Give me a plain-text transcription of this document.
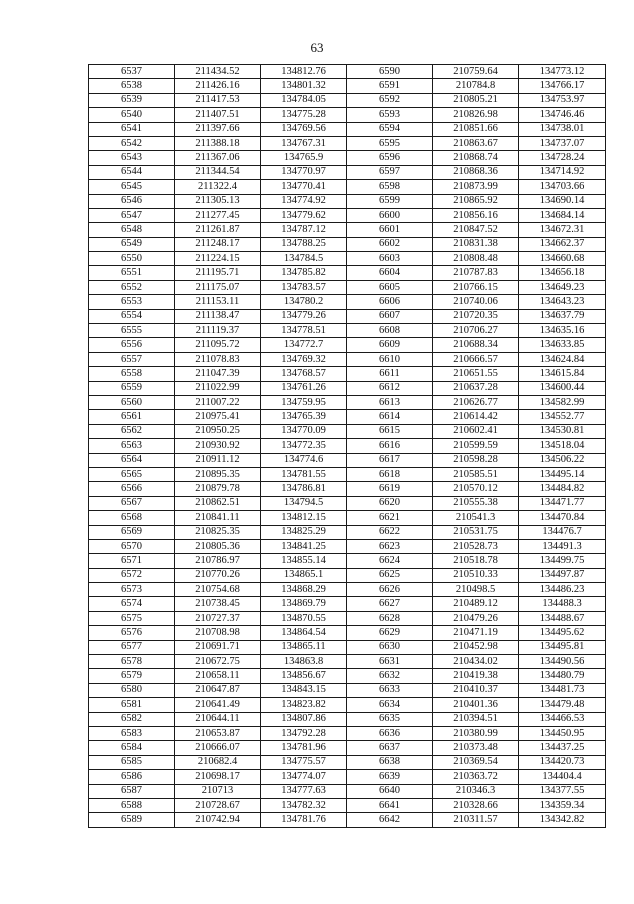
63
6537	211434.52	134812.76	6590	210759.64	134773.12
6538	211426.16	134801.32	6591	210784.8	134766.17
6539	211417.53	134784.05	6592	210805.21	134753.97
6540	211407.51	134775.28	6593	210826.98	134746.46
6541	211397.66	134769.56	6594	210851.66	134738.01
6542	211388.18	134767.31	6595	210863.67	134737.07
6543	211367.06	134765.9	6596	210868.74	134728.24
6544	211344.54	134770.97	6597	210868.36	134714.92
6545	211322.4	134770.41	6598	210873.99	134703.66
6546	211305.13	134774.92	6599	210865.92	134690.14
6547	211277.45	134779.62	6600	210856.16	134684.14
6548	211261.87	134787.12	6601	210847.52	134672.31
6549	211248.17	134788.25	6602	210831.38	134662.37
6550	211224.15	134784.5	6603	210808.48	134660.68
6551	211195.71	134785.82	6604	210787.83	134656.18
6552	211175.07	134783.57	6605	210766.15	134649.23
6553	211153.11	134780.2	6606	210740.06	134643.23
6554	211138.47	134779.26	6607	210720.35	134637.79
6555	211119.37	134778.51	6608	210706.27	134635.16
6556	211095.72	134772.7	6609	210688.34	134633.85
6557	211078.83	134769.32	6610	210666.57	134624.84
6558	211047.39	134768.57	6611	210651.55	134615.84
6559	211022.99	134761.26	6612	210637.28	134600.44
6560	211007.22	134759.95	6613	210626.77	134582.99
6561	210975.41	134765.39	6614	210614.42	134552.77
6562	210950.25	134770.09	6615	210602.41	134530.81
6563	210930.92	134772.35	6616	210599.59	134518.04
6564	210911.12	134774.6	6617	210598.28	134506.22
6565	210895.35	134781.55	6618	210585.51	134495.14
6566	210879.78	134786.81	6619	210570.12	134484.82
6567	210862.51	134794.5	6620	210555.38	134471.77
6568	210841.11	134812.15	6621	210541.3	134470.84
6569	210825.35	134825.29	6622	210531.75	134476.7
6570	210805.36	134841.25	6623	210528.73	134491.3
6571	210786.97	134855.14	6624	210518.78	134499.75
6572	210770.26	134865.1	6625	210510.33	134497.87
6573	210754.68	134868.29	6626	210498.5	134486.23
6574	210738.45	134869.79	6627	210489.12	134488.3
6575	210727.37	134870.55	6628	210479.26	134488.67
6576	210708.98	134864.54	6629	210471.19	134495.62
6577	210691.71	134865.11	6630	210452.98	134495.81
6578	210672.75	134863.8	6631	210434.02	134490.56
6579	210658.11	134856.67	6632	210419.38	134480.79
6580	210647.87	134843.15	6633	210410.37	134481.73
6581	210641.49	134823.82	6634	210401.36	134479.48
6582	210644.11	134807.86	6635	210394.51	134466.53
6583	210653.87	134792.28	6636	210380.99	134450.95
6584	210666.07	134781.96	6637	210373.48	134437.25
6585	210682.4	134775.57	6638	210369.54	134420.73
6586	210698.17	134774.07	6639	210363.72	134404.4
6587	210713	134777.63	6640	210346.3	134377.55
6588	210728.67	134782.32	6641	210328.66	134359.34
6589	210742.94	134781.76	6642	210311.57	134342.82
